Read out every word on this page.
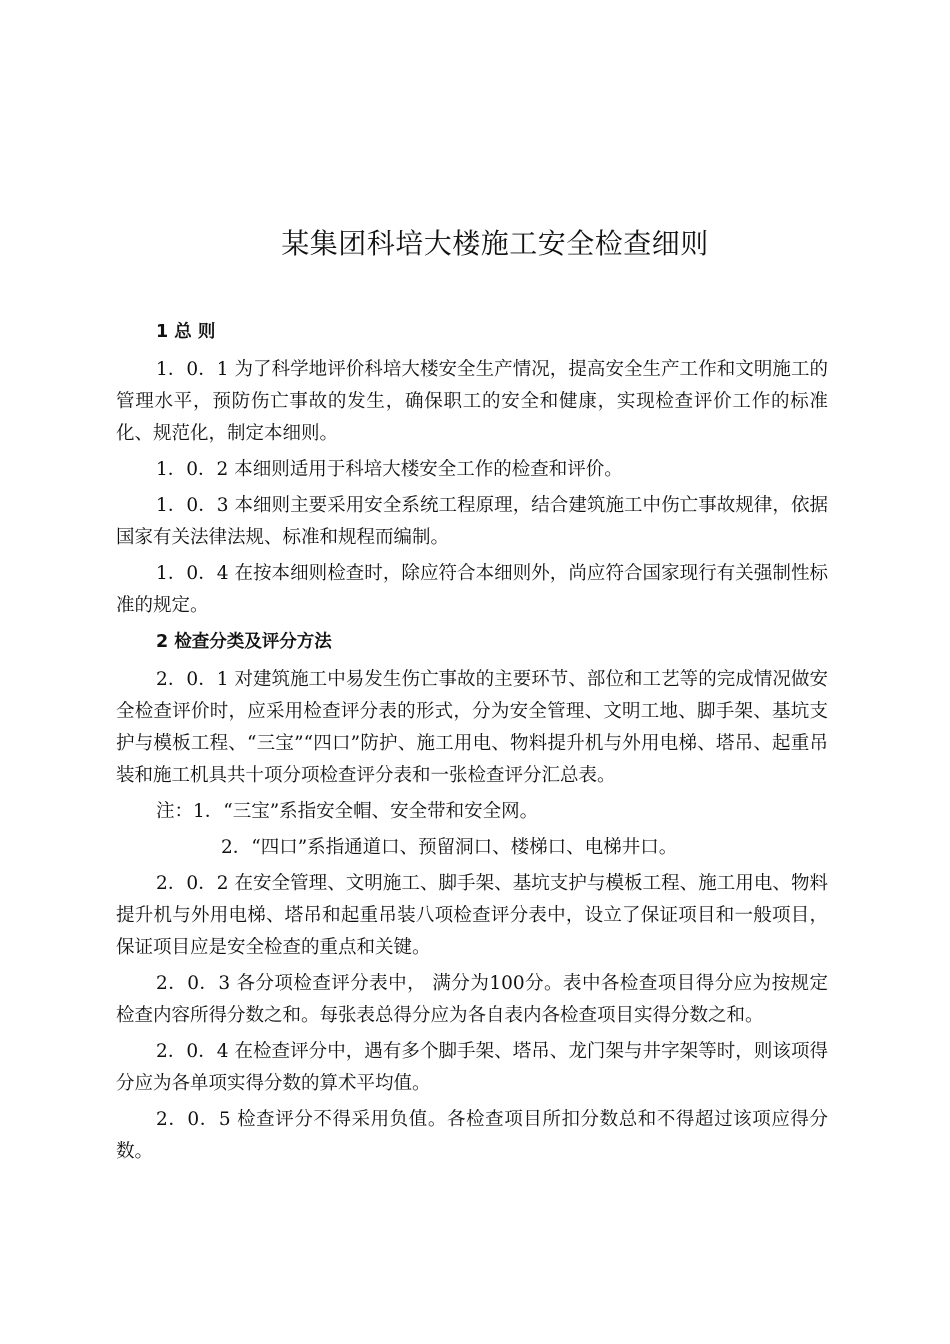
某集团科培大楼施工安全检查细则

1 总 则

1．0．1 为了科学地评价科培大楼安全生产情况，提高安全生产工作和文明施工的管理水平，预防伤亡事故的发生，确保职工的安全和健康，实现检查评价工作的标准化、规范化，制定本细则。

1．0．2 本细则适用于科培大楼安全工作的检查和评价。

1．0．3 本细则主要采用安全系统工程原理，结合建筑施工中伤亡事故规律，依据国家有关法律法规、标准和规程而编制。

1．0．4 在按本细则检查时，除应符合本细则外，尚应符合国家现行有关强制性标准的规定。

2 检查分类及评分方法

2．0．1 对建筑施工中易发生伤亡事故的主要环节、部位和工艺等的完成情况做安全检查评价时，应采用检查评分表的形式，分为安全管理、文明工地、脚手架、基坑支护与模板工程、“三宝”“四口”防护、施工用电、物料提升机与外用电梯、塔吊、起重吊装和施工机具共十项分项检查评分表和一张检查评分汇总表。

注：1．“三宝”系指安全帽、安全带和安全网。

2．“四口”系指通道口、预留洞口、楼梯口、电梯井口。

2．0．2 在安全管理、文明施工、脚手架、基坑支护与模板工程、施工用电、物料提升机与外用电梯、塔吊和起重吊装八项检查评分表中，设立了保证项目和一般项目，保证项目应是安全检查的重点和关键。

2．0．3 各分项检查评分表中， 满分为100分。表中各检查项目得分应为按规定检查内容所得分数之和。每张表总得分应为各自表内各检查项目实得分数之和。

2．0．4 在检查评分中，遇有多个脚手架、塔吊、龙门架与井字架等时，则该项得分应为各单项实得分数的算术平均值。

2．0．5 检查评分不得采用负值。各检查项目所扣分数总和不得超过该项应得分数。
